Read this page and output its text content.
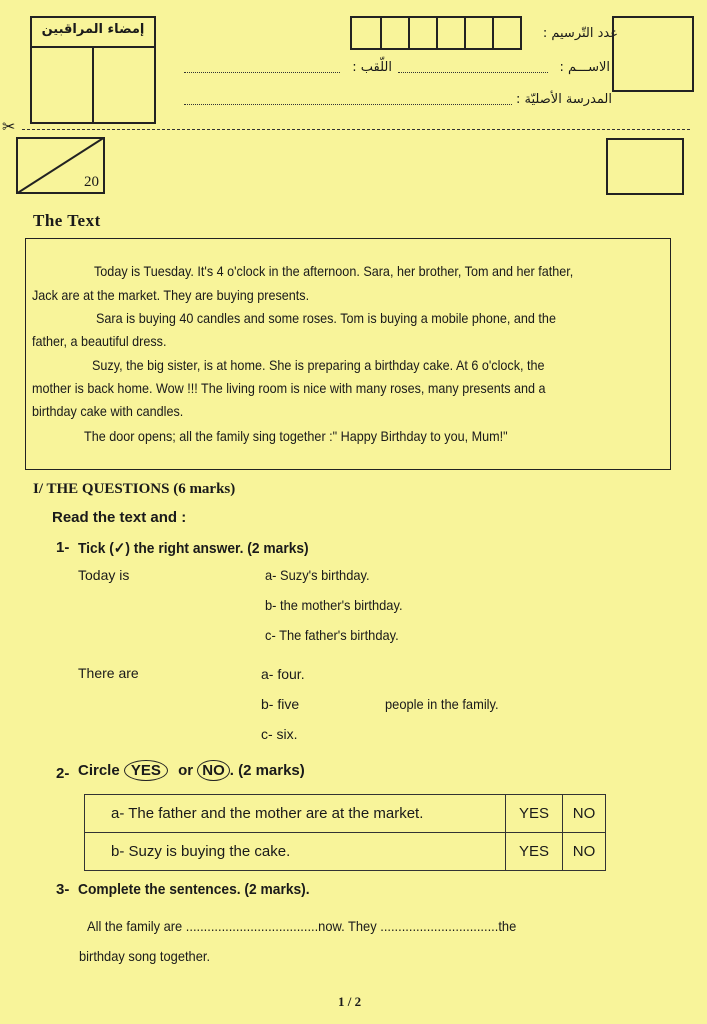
إمضاء المراقبين	عدد التّرسيم :
اللّقب :	الاســـم :
المدرسة الأصليّة :
✂
20
The Text
Today is Tuesday. It's 4 o'clock in the afternoon. Sara, her brother, Tom and her father,
Jack are at the market. They are buying presents.
Sara is buying 40 candles and some roses. Tom is buying a mobile phone, and the
father, a beautiful dress.
Suzy, the big sister, is at home. She is preparing a birthday cake. At 6 o'clock, the
mother is back home. Wow !!! The living room is nice with many roses, many presents and a
birthday cake with candles.
The door opens; all the family sing together :" Happy Birthday to you, Mum!"
I/ THE QUESTIONS (6 marks)
Read the text and :
1- Tick (✓) the right answer. (2 marks)
Today is	a- Suzy's birthday.
b- the mother's birthday.
c- The father's birthday.
There are	a- four.
b- five	people in the family.
c- six.
2- Circle YES or NO . (2 marks)
a- The father and the mother are at the market.	YES	NO
b- Suzy is buying the cake.	YES	NO
3- Complete the sentences. (2 marks).
All the family are .....................................now. They .................................the
birthday song together.
1 / 2
